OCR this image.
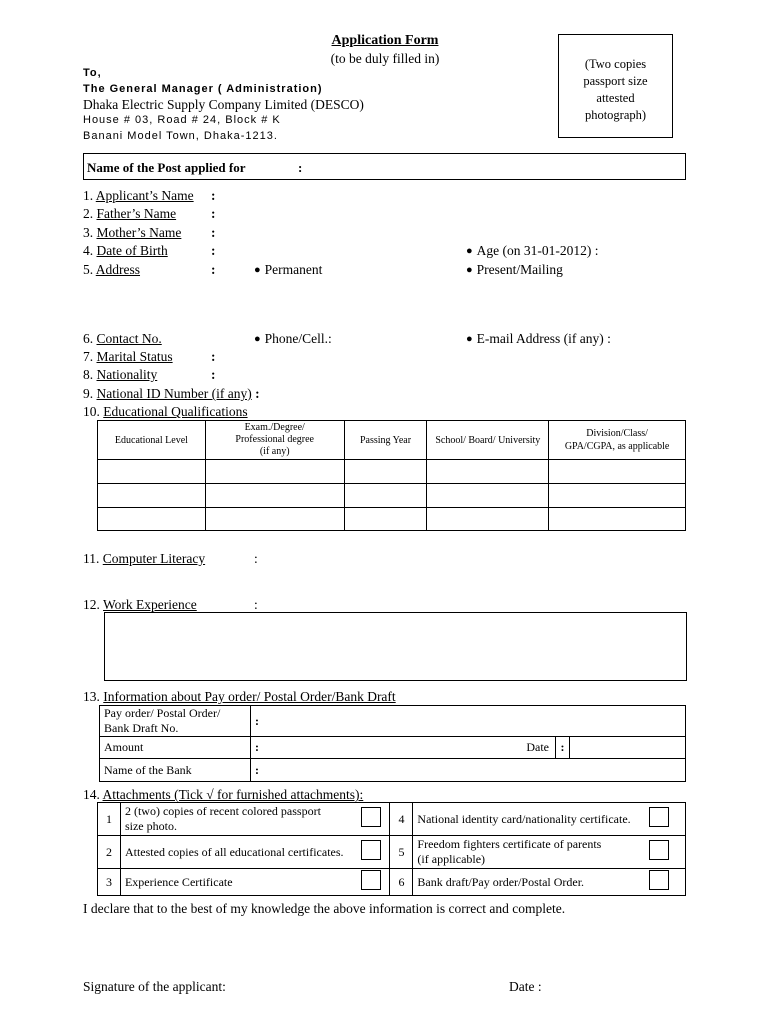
Application Form
(to be duly filled in)
To,
The General Manager ( Administration)
Dhaka Electric Supply Company Limited (DESCO)
House # 03, Road # 24, Block # K
Banani Model Town, Dhaka-1213.
(Two copies
passport size
attested
photograph)
Name of the Post applied for	:
1. Applicant’s Name :
2. Father’s Name	:
3. Mother’s Name :
4. Date of Birth	:	● Age (on 31-01-2012) :
5. Address	:	● Permanent	● Present/Mailing
6. Contact No.	● Phone/Cell.:	● E-mail Address (if any) :
7. Marital Status	:
8. Nationality	:
9. National ID Number (if any) :
10. Educational Qualifications
Educational Level	Exam./Degree/
Professional degree
(if any)	Passing Year	School/ Board/ University	Division/Class/
GPA/CGPA, as applicable

11. Computer Literacy	:
12. Work Experience	:
13. Information about Pay order/ Postal Order/Bank Draft
Pay order/ Postal Order/
Bank Draft No.	:			
Amount	:	Date	:	
Name of the Bank	:			
14. Attachments (Tick √ for furnished attachments):
1	2 (two) copies of recent colored passport
size photo.		4	National identity card/nationality certificate.	
2	Attested copies of all educational certificates.		5	Freedom fighters certificate of parents
(if applicable)	
3	Experience Certificate		6	Bank draft/Pay order/Postal Order.	
I declare that to the best of my knowledge the above information is correct and complete.
Signature of the applicant:	Date :
